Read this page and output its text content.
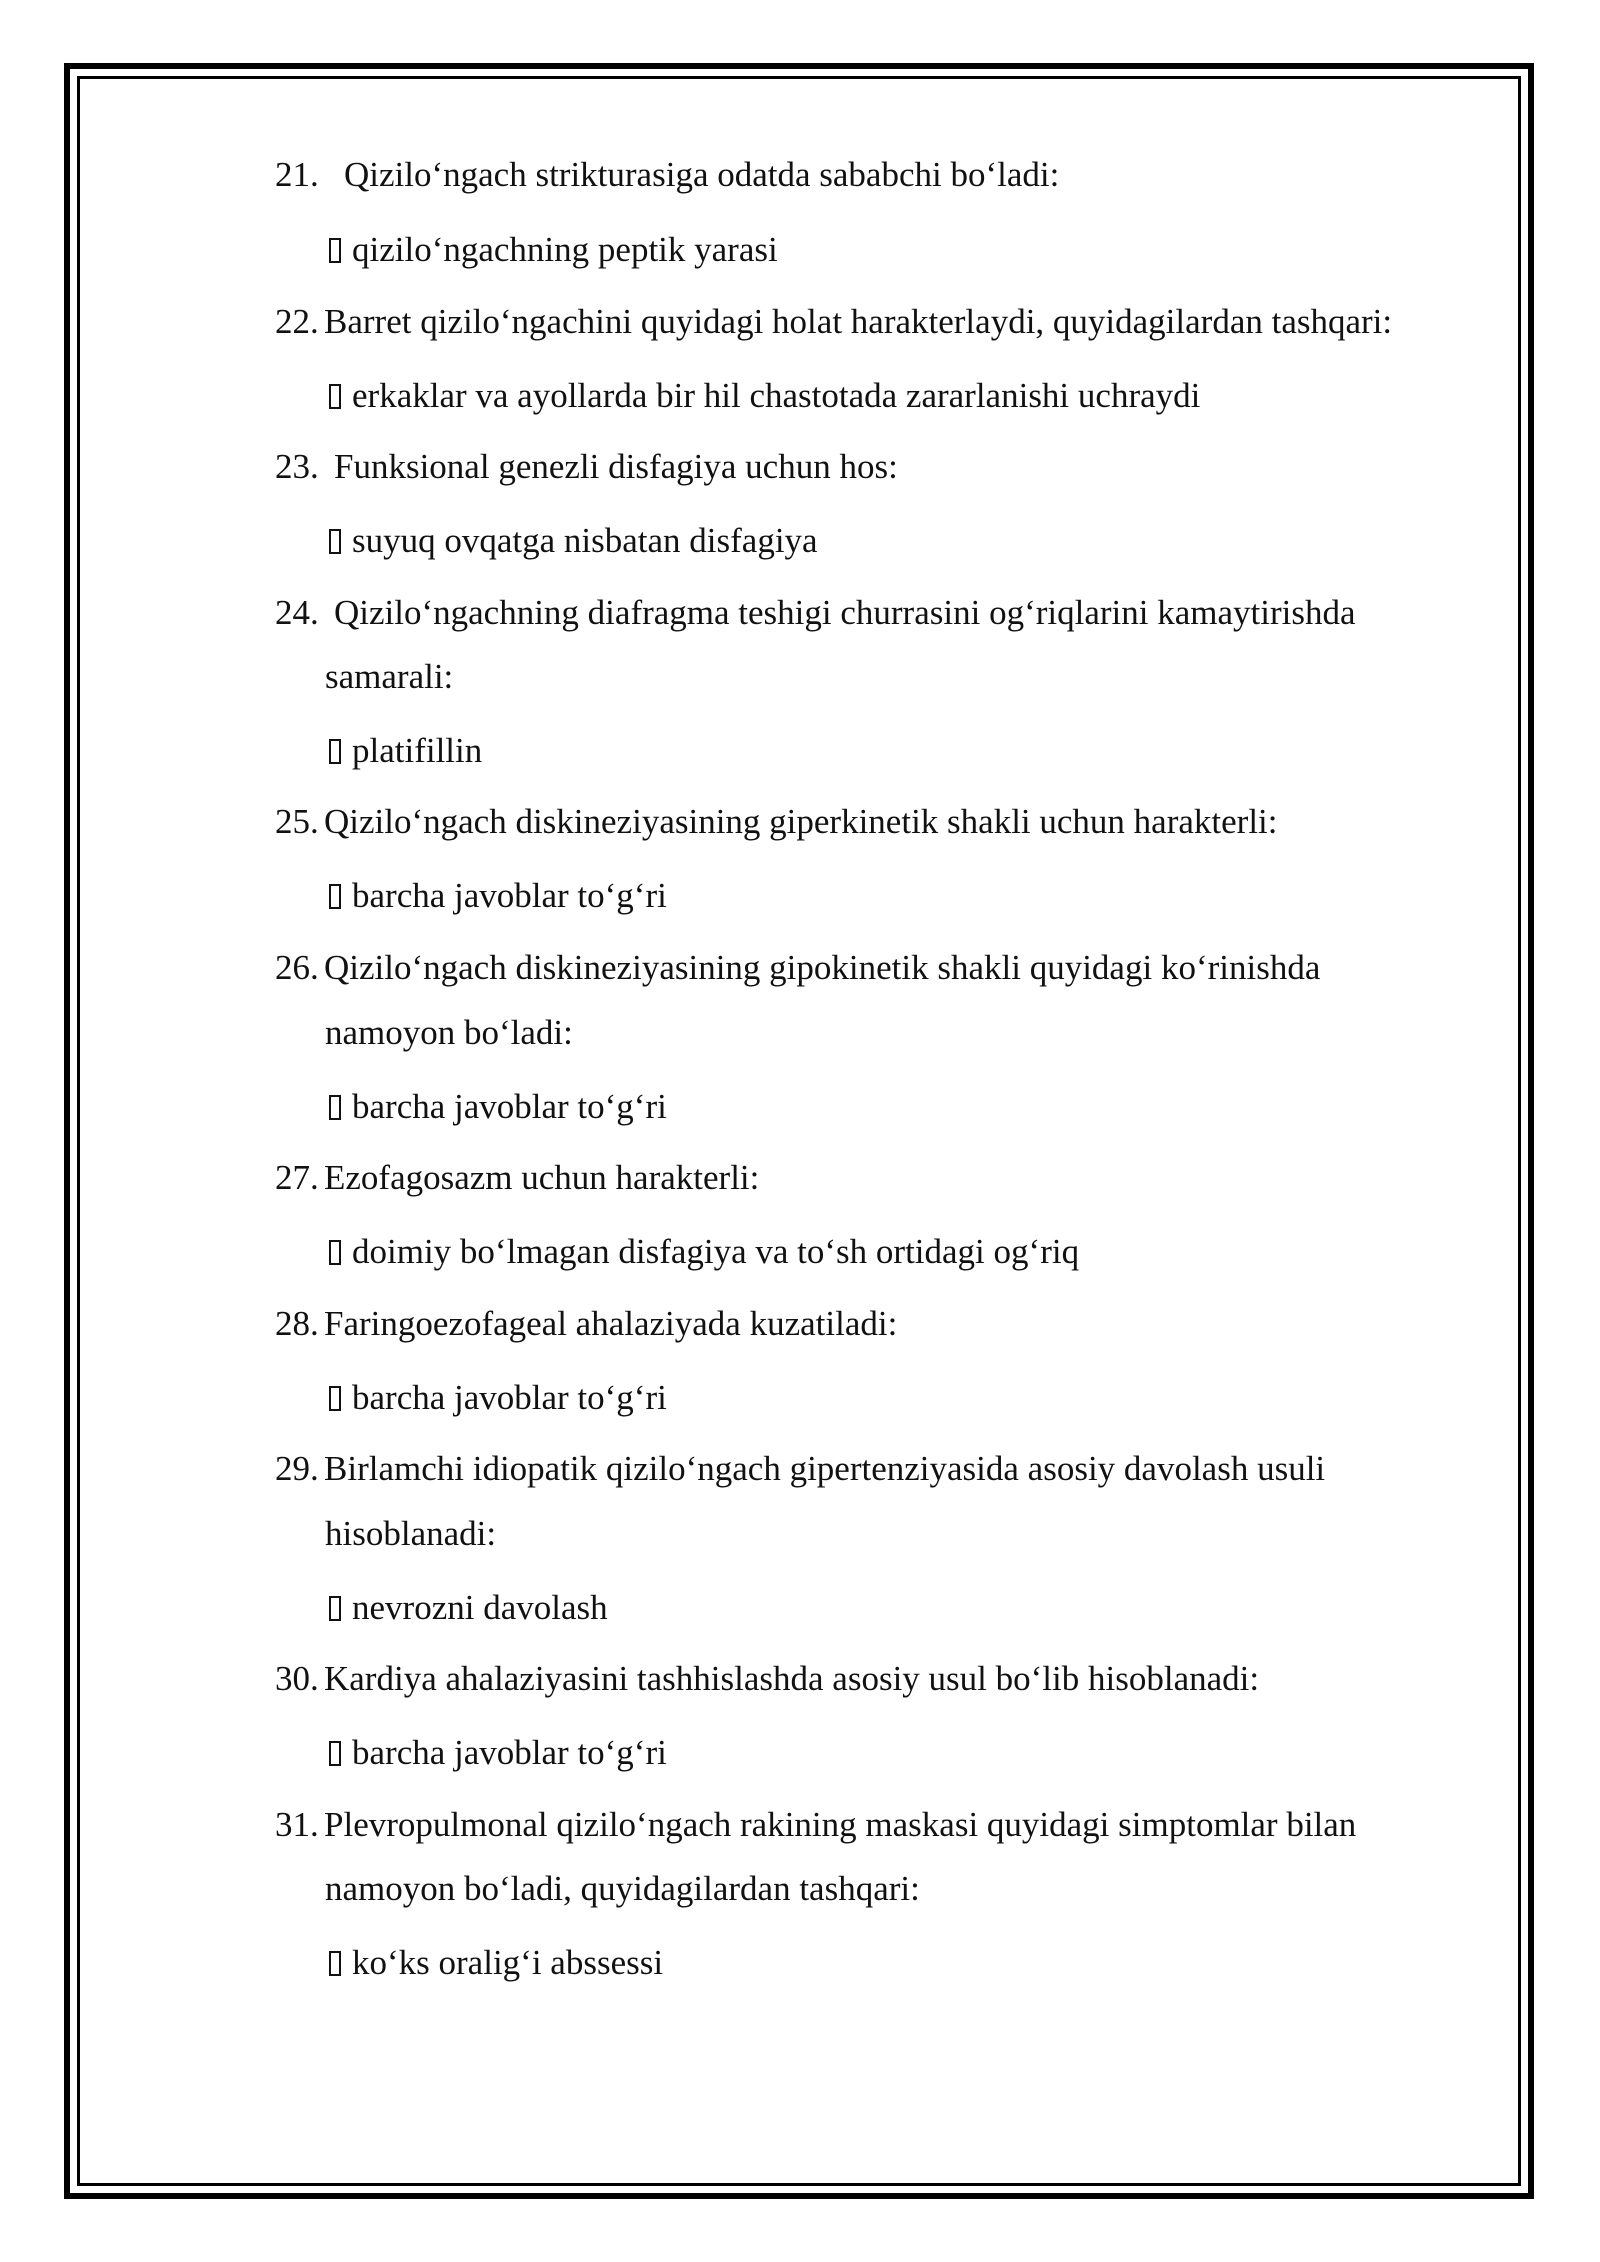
21. Qizilo‘ngach strikturasiga odatda sababchi bo‘ladi:
qizilo‘ngachning peptik yarasi
22. Barret qizilo‘ngachini quyidagi holat harakterlaydi, quyidagilardan tashqari:
erkaklar va ayollarda bir hil chastotada zararlanishi uchraydi
23. Funksional genezli disfagiya uchun hos:
suyuq ovqatga nisbatan disfagiya
24. Qizilo‘ngachning diafragma teshigi churrasini og‘riqlarini kamaytirishda
samarali:
platifillin
25. Qizilo‘ngach diskineziyasining giperkinetik shakli uchun harakterli:
barcha javoblar to‘g‘ri
26. Qizilo‘ngach diskineziyasining gipokinetik shakli quyidagi ko‘rinishda
namoyon bo‘ladi:
barcha javoblar to‘g‘ri
27. Ezofagosazm uchun harakterli:
doimiy bo‘lmagan disfagiya va to‘sh ortidagi og‘riq
28. Faringoezofageal ahalaziyada kuzatiladi:
barcha javoblar to‘g‘ri
29. Birlamchi idiopatik qizilo‘ngach gipertenziyasida asosiy davolash usuli
hisoblanadi:
nevrozni davolash
30. Kardiya ahalaziyasini tashhislashda asosiy usul bo‘lib hisoblanadi:
barcha javoblar to‘g‘ri
31. Plevropulmonal qizilo‘ngach rakining maskasi quyidagi simptomlar bilan
namoyon bo‘ladi, quyidagilardan tashqari:
ko‘ks oralig‘i abssessi
